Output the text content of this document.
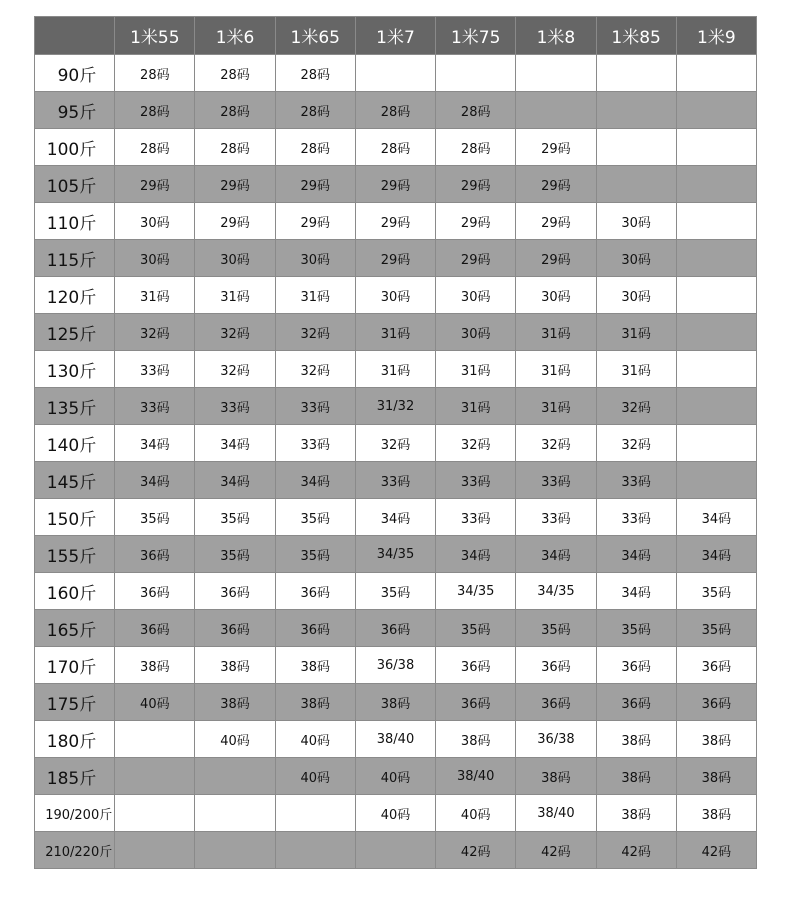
	1米55	1米6	1米65	1米7	1米75	1米8	1米85	1米9
90斤	28码	28码	28码					
95斤	28码	28码	28码	28码	28码			
100斤	28码	28码	28码	28码	28码	29码		
105斤	29码	29码	29码	29码	29码	29码		
110斤	30码	29码	29码	29码	29码	29码	30码	
115斤	30码	30码	30码	29码	29码	29码	30码	
120斤	31码	31码	31码	30码	30码	30码	30码	
125斤	32码	32码	32码	31码	30码	31码	31码	
130斤	33码	32码	32码	31码	31码	31码	31码	
135斤	33码	33码	33码	31/32	31码	31码	32码	
140斤	34码	34码	33码	32码	32码	32码	32码	
145斤	34码	34码	34码	33码	33码	33码	33码	
150斤	35码	35码	35码	34码	33码	33码	33码	34码
155斤	36码	35码	35码	34/35	34码	34码	34码	34码
160斤	36码	36码	36码	35码	34/35	34/35	34码	35码
165斤	36码	36码	36码	36码	35码	35码	35码	35码
170斤	38码	38码	38码	36/38	36码	36码	36码	36码
175斤	40码	38码	38码	38码	36码	36码	36码	36码
180斤		40码	40码	38/40	38码	36/38	38码	38码
185斤			40码	40码	38/40	38码	38码	38码
190/200斤				40码	40码	38/40	38码	38码
210/220斤					42码	42码	42码	42码
